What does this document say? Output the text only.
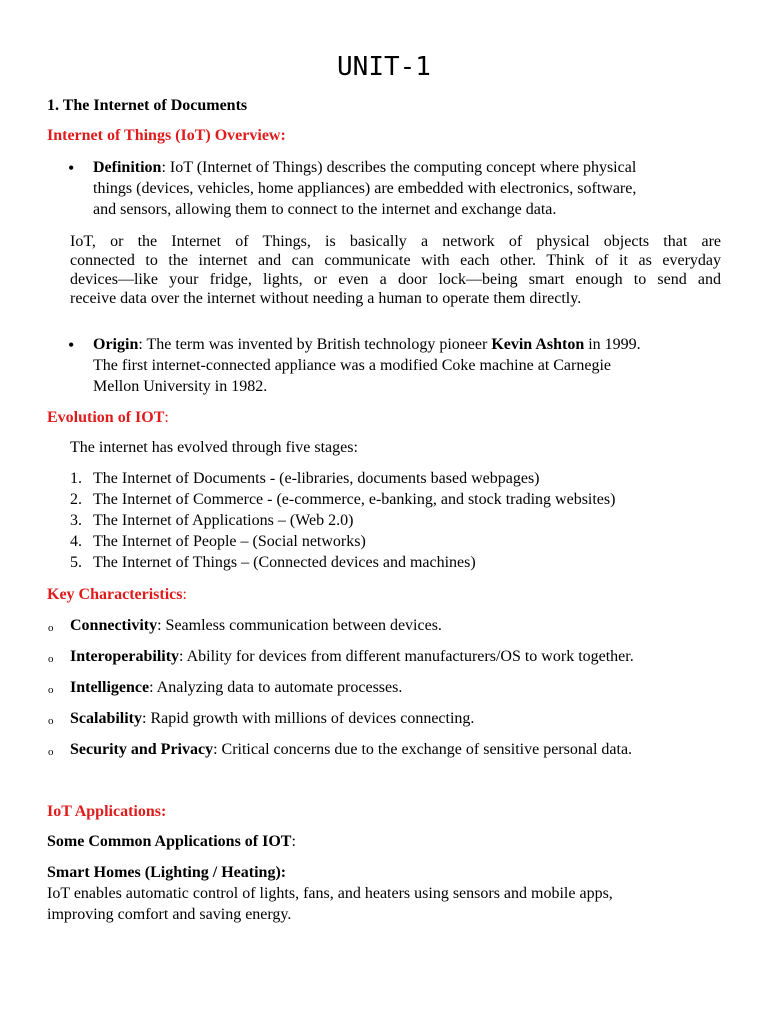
UNIT-1
1. The Internet of Documents
Internet of Things (IoT) Overview:
• Definition: IoT (Internet of Things) describes the computing concept where physical
things (devices, vehicles, home appliances) are embedded with electronics, software,
and sensors, allowing them to connect to the internet and exchange data.
IoT, or the Internet of Things, is basically a network of physical objects that are
connected to the internet and can communicate with each other. Think of it as everyday
devices—like your fridge, lights, or even a door lock—being smart enough to send and
receive data over the internet without needing a human to operate them directly.
• Origin: The term was invented by British technology pioneer Kevin Ashton in 1999.
The first internet-connected appliance was a modified Coke machine at Carnegie
Mellon University in 1982.
Evolution of IOT:
The internet has evolved through five stages:
1. The Internet of Documents - (e-libraries, documents based webpages)
2. The Internet of Commerce - (e-commerce, e-banking, and stock trading websites)
3. The Internet of Applications – (Web 2.0)
4. The Internet of People – (Social networks)
5. The Internet of Things – (Connected devices and machines)
Key Characteristics:
o Connectivity: Seamless communication between devices.
o Interoperability: Ability for devices from different manufacturers/OS to work together.
o Intelligence: Analyzing data to automate processes.
o Scalability: Rapid growth with millions of devices connecting.
o Security and Privacy: Critical concerns due to the exchange of sensitive personal data.
IoT Applications:
Some Common Applications of IOT:
Smart Homes (Lighting / Heating):
IoT enables automatic control of lights, fans, and heaters using sensors and mobile apps,
improving comfort and saving energy.
